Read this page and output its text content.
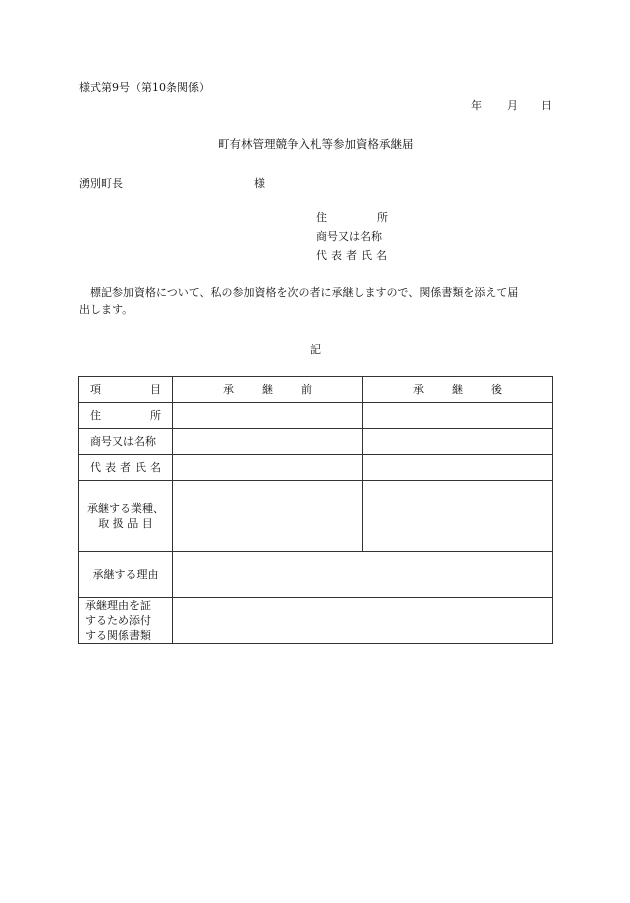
様式第9号（第10条関係）
年 月 日
町有林管理競争入札等参加資格承継届
湧別町長	様
住	所
商号又は名称
代 表 者 氏 名
標記参加資格について、私の参加資格を次の者に承継しますので、関係書類を添えて届
出します。
記
項 目	承 継 前	承 継 後

住 所		

商号又は名称		

代 表 者 氏 名		

承継する業種、
取 扱 品 目		

承継する理由		

承継理由を証
するため添付
する関係書類		
